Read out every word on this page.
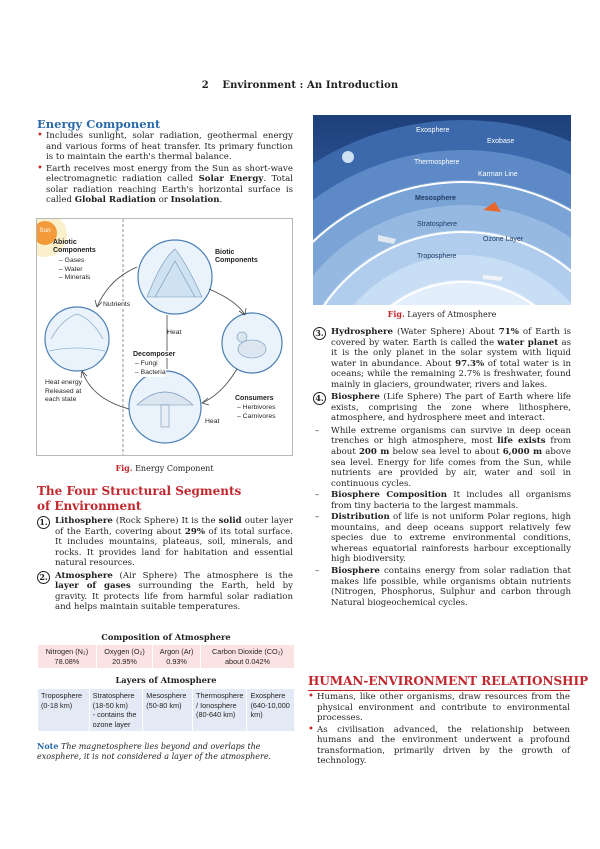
2 Environment : An Introduction
Energy Component
• Includes sunlight, solar radiation, geothermal energy and various forms of heat transfer. Its primary function is to maintain the earth's thermal balance.
• Earth receives most energy from the Sun as short-wave electromagnetic radiation called Solar Energy. Total solar radiation reaching Earth's horizontal surface is called Global Radiation or Insolation.
Sun
Abiotic
Components
– Gases
– Water
– Minerals
Biotic
Components
Nutrients
Heat
Decomposer
– Fungi
– Bacteria
Heat energy
Released at
each state	Consumers
– Herbivores
– Carnivores
Heat
Fig. Energy Component
The Four Structural Segments
of Environment
1. Lithosphere (Rock Sphere) It is the solid outer layer of the Earth, covering about 29% of its total surface. It includes mountains, plateaus, soil, minerals, and rocks. It provides land for habitation and essential natural resources.
2. Atmosphere (Air Sphere) The atmosphere is the layer of gases surrounding the Earth, held by gravity. It protects life from harmful solar radiation and helps maintain suitable temperatures.
Composition of Atmosphere
Nitrogen (N₂)
78.08%

Oxygen (O₂)
20.95%

Argon (Ar)
0.93%

Carbon Dioxide (CO₂)
about 0.042%
Layers of Atmosphere
Troposphere
(0-18 km)

Stratosphere
(18-50 km)
- contains the ozone layer

Mesosphere
(50-80 km)

Thermosphere
/ Ionosphere (80-640 km)

Exosphere
(640-10,000 km)
Note The magnetosphere lies beyond and overlaps the exosphere, it is not considered a layer of the atmosphere.
Exosphere
Exobase
Thermosphere
Karman Line
Mesosphere
Stratosphere
Ozone Layer
Troposphere
Fig. Layers of Atmosphere
3. Hydrosphere (Water Sphere) About 71% of Earth is covered by water. Earth is called the water planet as it is the only planet in the solar system with liquid water in abundance. About 97.3% of total water is in oceans; while the remaining 2.7% is freshwater, found mainly in glaciers, groundwater, rivers and lakes.
4. Biosphere (Life Sphere) The part of Earth where life exists, comprising the zone where lithosphere, atmosphere, and hydrosphere meet and interact.
– While extreme organisms can survive in deep ocean trenches or high atmosphere, most life exists from about 200 m below sea level to about 6,000 m above sea level. Energy for life comes from the Sun, while nutrients are provided by air, water and soil in continuous cycles.
– Biosphere Composition It includes all organisms from tiny bacteria to the largest mammals.
– Distribution of life is not uniform Polar regions, high mountains, and deep oceans support relatively few species due to extreme environmental conditions, whereas equatorial rainforests harbour exceptionally high biodiversity.
– Biosphere contains energy from solar radiation that makes life possible, while organisms obtain nutrients (Nitrogen, Phosphorus, Sulphur and carbon through Natural biogeochemical cycles.
HUMAN-ENVIRONMENT RELATIONSHIP
• Humans, like other organisms, draw resources from the physical environment and contribute to environmental processes.
• As civilisation advanced, the relationship between humans and the environment underwent a profound transformation, primarily driven by the growth of technology.
